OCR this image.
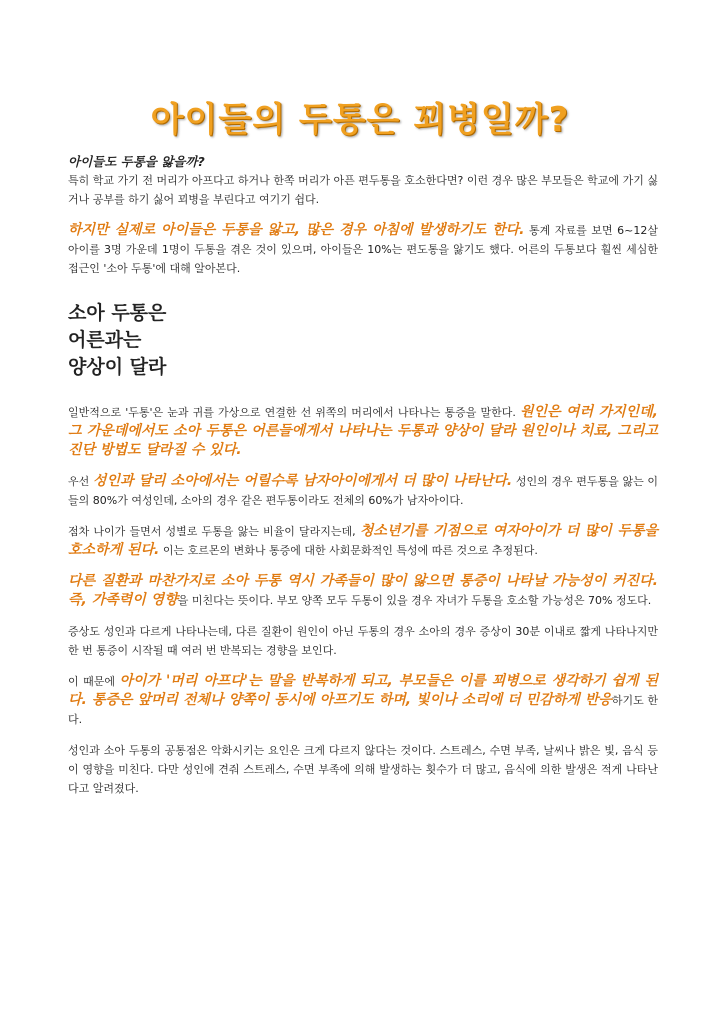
아이들의 두통은 꾀병일까?

아이들도 두통을 앓을까?

특히 학교 가기 전 머리가 아프다고 하거나 한쪽 머리가 아픈 편두통을 호소한다면? 이런 경우 많은 부모들은 학교에 가기 싫거나 공부를 하기 싫어 꾀병을 부린다고 여기기 쉽다.

하지만 실제로 아이들은 두통을 앓고, 많은 경우 아침에 발생하기도 한다. 통계 자료를 보면 6~12살 아이를 3명 가운데 1명이 두통을 겪은 것이 있으며, 아이들은 10%는 편도통을 앓기도 했다. 어른의 두통보다 훨씬 세심한 접근인 '소아 두통'에 대해 알아본다.

소아 두통은

어른과는

양상이 달라

일반적으로 '두통'은 눈과 귀를 가상으로 연결한 선 위쪽의 머리에서 나타나는 통증을 말한다. 원인은 여러 가지인데, 그 가운데에서도 소아 두통은 어른들에게서 나타나는 두통과 양상이 달라 원인이나 치료, 그리고 진단 방법도 달라질 수 있다.

우선 성인과 달리 소아에서는 어릴수록 남자아이에게서 더 많이 나타난다. 성인의 경우 편두통을 앓는 이들의 80%가 여성인데, 소아의 경우 같은 편두통이라도 전체의 60%가 남자아이다.

점차 나이가 들면서 성별로 두통을 앓는 비율이 달라지는데, 청소년기를 기점으로 여자아이가 더 많이 두통을 호소하게 된다. 이는 호르몬의 변화나 통증에 대한 사회문화적인 특성에 따른 것으로 추정된다.

다른 질환과 마찬가지로 소아 두통 역시 가족들이 많이 앓으면 통증이 나타날 가능성이 커진다. 즉, 가족력이 영향을 미친다는 뜻이다. 부모 양쪽 모두 두통이 있을 경우 자녀가 두통을 호소할 가능성은 70% 정도다.

증상도 성인과 다르게 나타나는데, 다른 질환이 원인이 아닌 두통의 경우 소아의 경우 증상이 30분 이내로 짧게 나타나지만 한 번 통증이 시작될 때 여러 번 반복되는 경향을 보인다.

이 때문에 아이가 '머리 아프다'는 말을 반복하게 되고, 부모들은 이를 꾀병으로 생각하기 쉽게 된다. 통증은 앞머리 전체나 양쪽이 동시에 아프기도 하며, 빛이나 소리에 더 민감하게 반응하기도 한다.

성인과 소아 두통의 공통점은 악화시키는 요인은 크게 다르지 않다는 것이다. 스트레스, 수면 부족, 날씨나 밝은 빛, 음식 등이 영향을 미친다. 다만 성인에 견줘 스트레스, 수면 부족에 의해 발생하는 횟수가 더 많고, 음식에 의한 발생은 적게 나타난다고 알려졌다.
